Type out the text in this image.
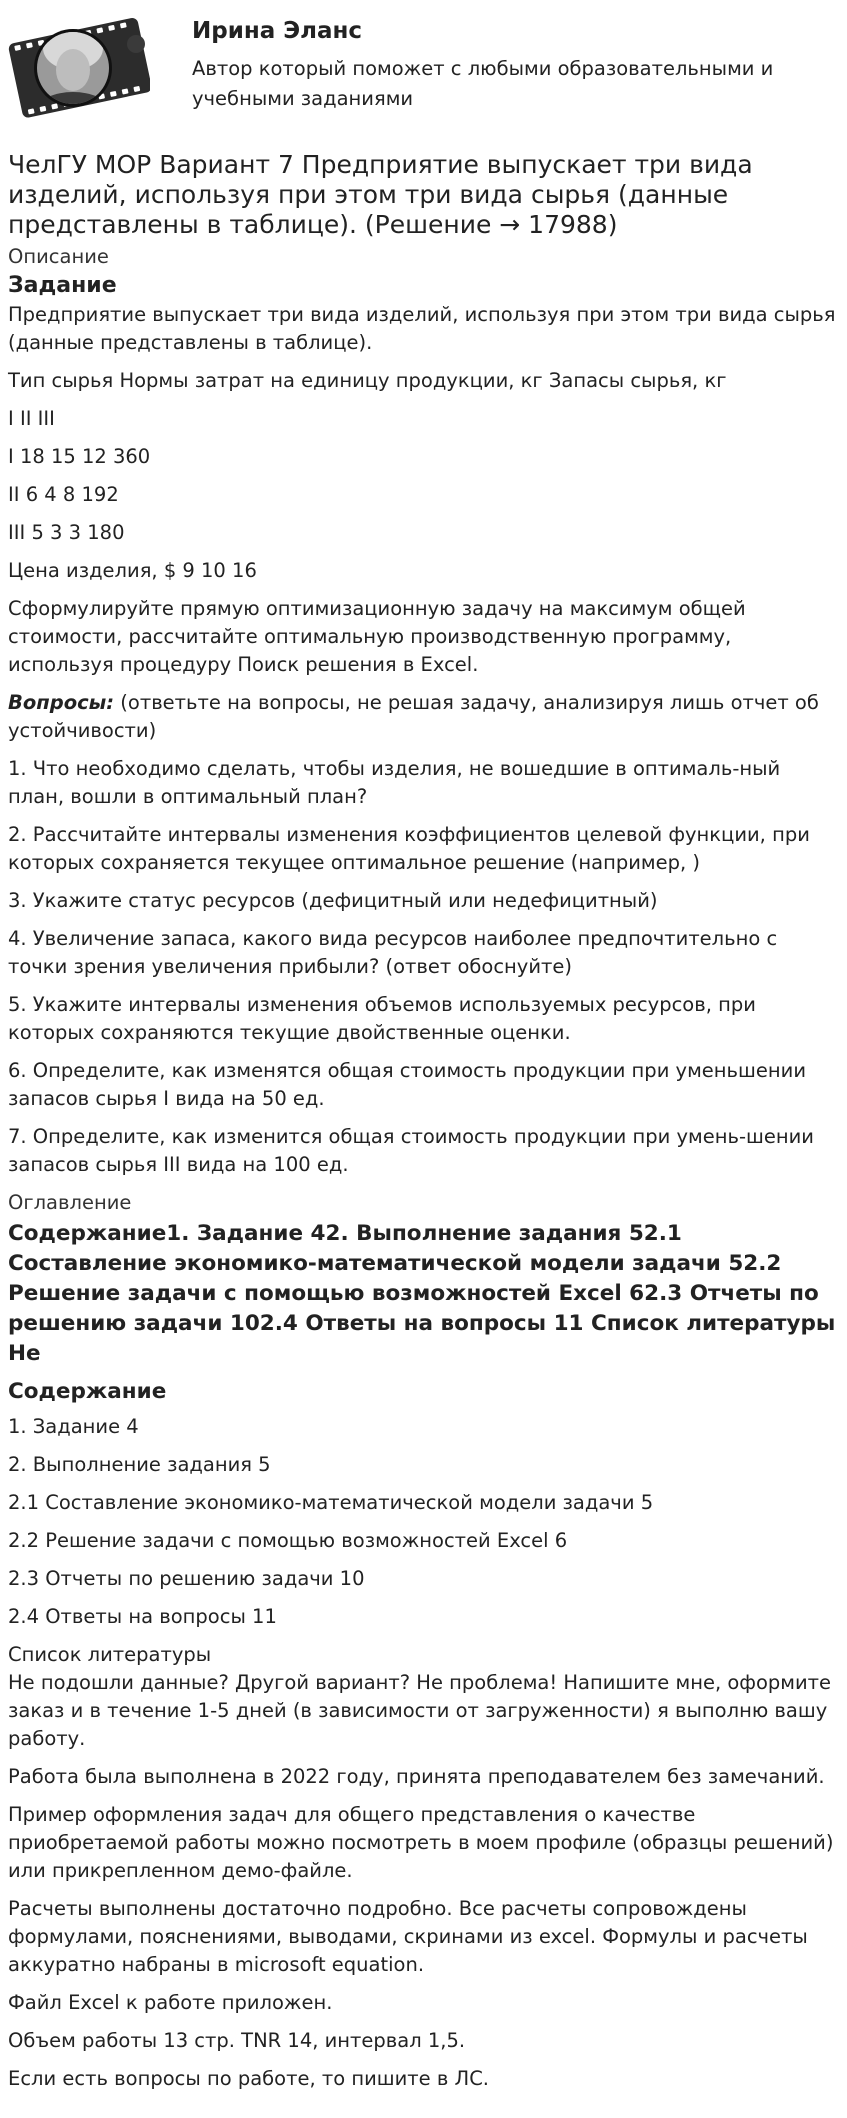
Ирина Эланс
Автор который поможет с любыми образовательными и учебными заданиями
ЧелГУ МОР Вариант 7 Предприятие выпускает три вида изделий, используя при этом три вида сырья (данные представлены в таблице). (Решение → 17988)
Описание
Задание

Предприятие выпускает три вида изделий, используя при этом три вида сырья (данные представлены в таблице).

Тип сырья Нормы затрат на единицу продукции, кг Запасы сырья, кг

I II III

I 18 15 12 360

II 6 4 8 192

III 5 3 3 180

Цена изделия, $ 9 10 16

Сформулируйте прямую оптимизационную задачу на максимум общей стоимости, рассчитайте оптимальную производственную программу, используя процедуру Поиск решения в Excel.

Вопросы: (ответьте на вопросы, не решая задачу, анализируя лишь отчет об устойчивости)

1. Что необходимо сделать, чтобы изделия, не вошедшие в оптималь-ный план, вошли в оптимальный план?

2. Рассчитайте интервалы изменения коэффициентов целевой функции, при которых сохраняется текущее оптимальное решение (например, )

3. Укажите статус ресурсов (дефицитный или недефицитный)

4. Увеличение запаса, какого вида ресурсов наиболее предпочтительно с точки зрения увеличения прибыли? (ответ обоснуйте)

5. Укажите интервалы изменения объемов используемых ресурсов, при которых сохраняются текущие двойственные оценки.

6. Определите, как изменятся общая стоимость продукции при уменьшении запасов сырья I вида на 50 ед.

7. Определите, как изменится общая стоимость продукции при умень-шении запасов сырья III вида на 100 ед.

Оглавление
Содержание1. Задание 42. Выполнение задания 52.1 Составление экономико-математической модели задачи 52.2 Решение задачи с помощью возможностей Excel 62.3 Отчеты по решению задачи 102.4 Ответы на вопросы 11 Список литературы Не
Содержание

1. Задание 4

2. Выполнение задания 5

2.1 Составление экономико-математической модели задачи 5

2.2 Решение задачи с помощью возможностей Excel 6

2.3 Отчеты по решению задачи 10

2.4 Ответы на вопросы 11

Список литературы

Не подошли данные? Другой вариант? Не проблема! Напишите мне, оформите заказ и в течение 1-5 дней (в зависимости от загруженности) я выполню вашу работу.

Работа была выполнена в 2022 году, принята преподавателем без замечаний.

Пример оформления задач для общего представления о качестве приобретаемой работы можно посмотреть в моем профиле (образцы решений) или прикрепленном демо-файле.

Расчеты выполнены достаточно подробно. Все расчеты сопровождены формулами, пояснениями, выводами, скринами из excel. Формулы и расчеты аккуратно набраны в microsoft equation.

Файл Excel к работе приложен.

Объем работы 13 стр. TNR 14, интервал 1,5.

Если есть вопросы по работе, то пишите в ЛС.
